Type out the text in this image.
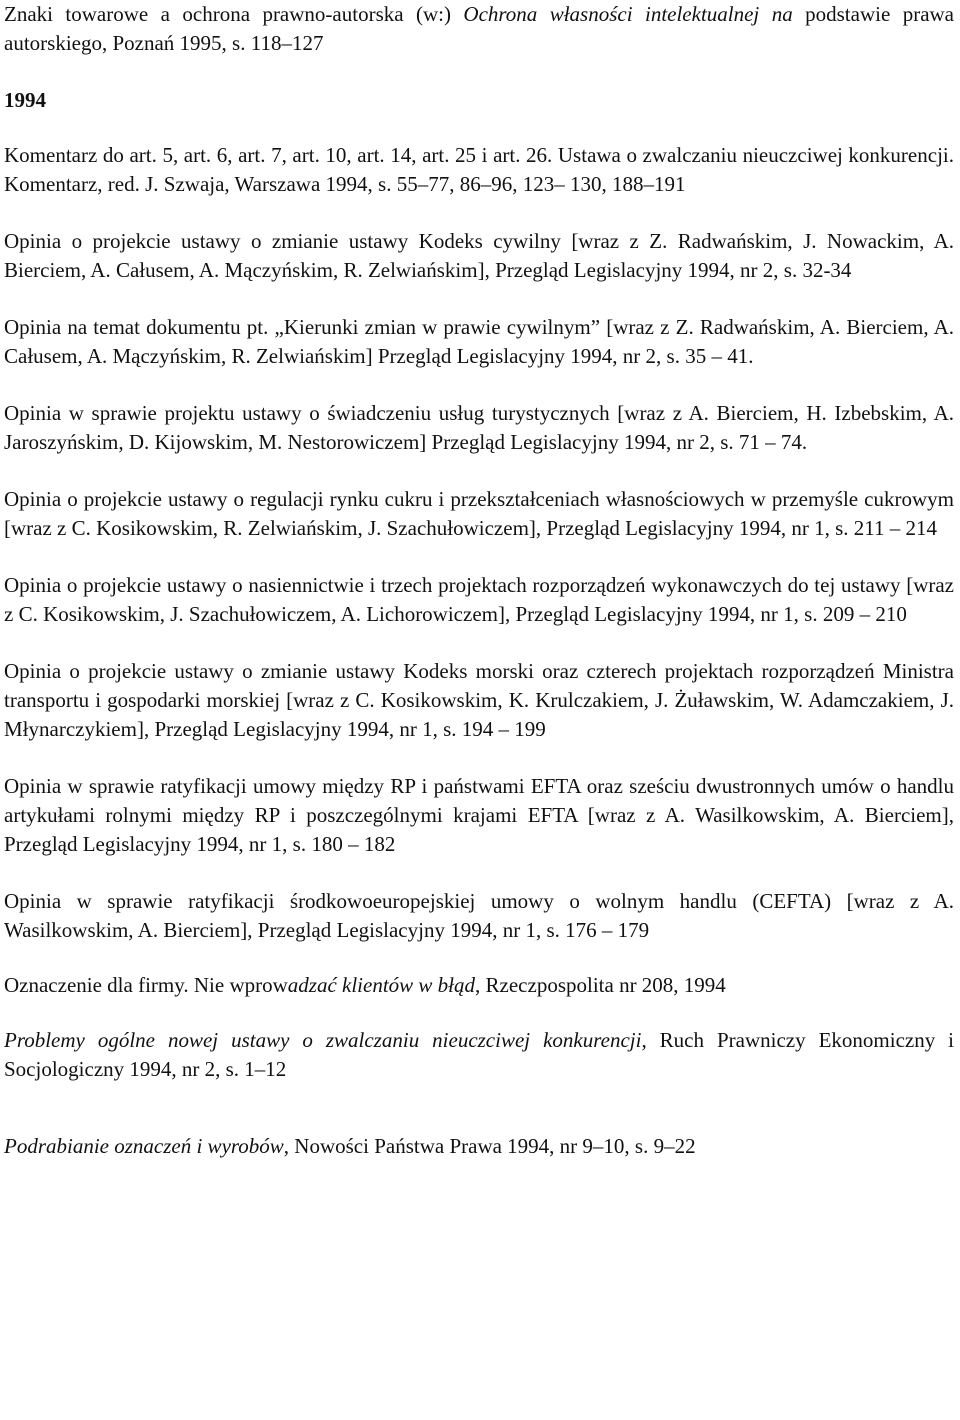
Znaki towarowe a ochrona prawno-autorska (w:) Ochrona własności intelektualnej na podstawie prawa autorskiego, Poznań 1995, s. 118–127

1994

Komentarz do art. 5, art. 6, art. 7, art. 10, art. 14, art. 25 i art. 26. Ustawa o zwalczaniu nieuczciwej konkurencji. Komentarz, red. J. Szwaja, Warszawa 1994, s. 55–77, 86–96, 123– 130, 188–191

Opinia o projekcie ustawy o zmianie ustawy Kodeks cywilny [wraz z Z. Radwańskim, J. Nowackim, A. Bierciem, A. Całusem, A. Mączyńskim, R. Zelwiańskim], Przegląd Legislacyjny 1994, nr 2, s. 32-34

Opinia na temat dokumentu pt. „Kierunki zmian w prawie cywilnym” [wraz z Z. Radwańskim, A. Bierciem, A. Całusem, A. Mączyńskim, R. Zelwiańskim] Przegląd Legislacyjny 1994, nr 2, s. 35 – 41.

Opinia w sprawie projektu ustawy o świadczeniu usług turystycznych [wraz z A. Bierciem, H. Izbebskim, A. Jaroszyńskim, D. Kijowskim, M. Nestorowiczem] Przegląd Legislacyjny 1994, nr 2, s. 71 – 74.

Opinia o projekcie ustawy o regulacji rynku cukru i przekształceniach własnościowych w przemyśle cukrowym [wraz z C. Kosikowskim, R. Zelwiańskim, J. Szachułowiczem], Przegląd Legislacyjny 1994, nr 1, s. 211 – 214

Opinia o projekcie ustawy o nasiennictwie i trzech projektach rozporządzeń wykonawczych do tej ustawy [wraz z C. Kosikowskim, J. Szachułowiczem, A. Lichorowiczem], Przegląd Legislacyjny 1994, nr 1, s. 209 – 210

Opinia o projekcie ustawy o zmianie ustawy Kodeks morski oraz czterech projektach rozporządzeń Ministra transportu i gospodarki morskiej [wraz z C. Kosikowskim, K. Krulczakiem, J. Żuławskim, W. Adamczakiem, J. Młynarczykiem], Przegląd Legislacyjny 1994, nr 1, s. 194 – 199

Opinia w sprawie ratyfikacji umowy między RP i państwami EFTA oraz sześciu dwustronnych umów o handlu artykułami rolnymi między RP i poszczególnymi krajami EFTA [wraz z A. Wasilkowskim, A. Bierciem], Przegląd Legislacyjny 1994, nr 1, s. 180 – 182

Opinia w sprawie ratyfikacji środkowoeuropejskiej umowy o wolnym handlu (CEFTA) [wraz z A. Wasilkowskim, A. Bierciem], Przegląd Legislacyjny 1994, nr 1, s. 176 – 179

Oznaczenie dla firmy. Nie wprowadzać klientów w błąd, Rzeczpospolita nr 208, 1994

Problemy ogólne nowej ustawy o zwalczaniu nieuczciwej konkurencji, Ruch Prawniczy Ekonomiczny i Socjologiczny 1994, nr 2, s. 1–12

Podrabianie oznaczeń i wyrobów, Nowości Państwa Prawa 1994, nr 9–10, s. 9–22
